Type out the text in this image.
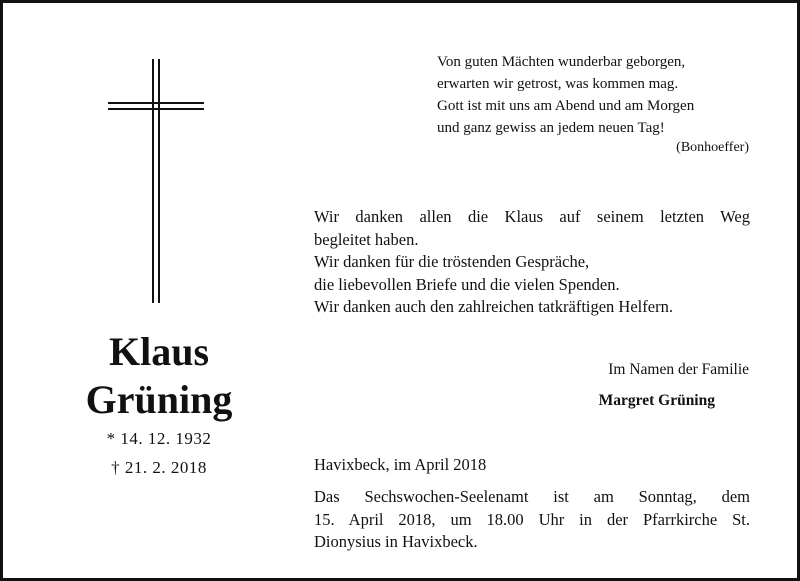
Klaus
Grüning
* 14. 12. 1932
† 21. 2. 2018
Von guten Mächten wunderbar geborgen,
erwarten wir getrost, was kommen mag.
Gott ist mit uns am Abend und am Morgen
und ganz gewiss an jedem neuen Tag!
(Bonhoeffer)
Wir danken allen die Klaus auf seinem letzten Weg
begleitet haben.
Wir danken für die tröstenden Gespräche,
die liebevollen Briefe und die vielen Spenden.
Wir danken auch den zahlreichen tatkräftigen Helfern.
Im Namen der Familie
Margret Grüning
Havixbeck, im April 2018
Das Sechswochen-Seelenamt ist am Sonntag, dem
15. April 2018, um 18.00 Uhr in der Pfarrkirche St.
Dionysius in Havixbeck.
